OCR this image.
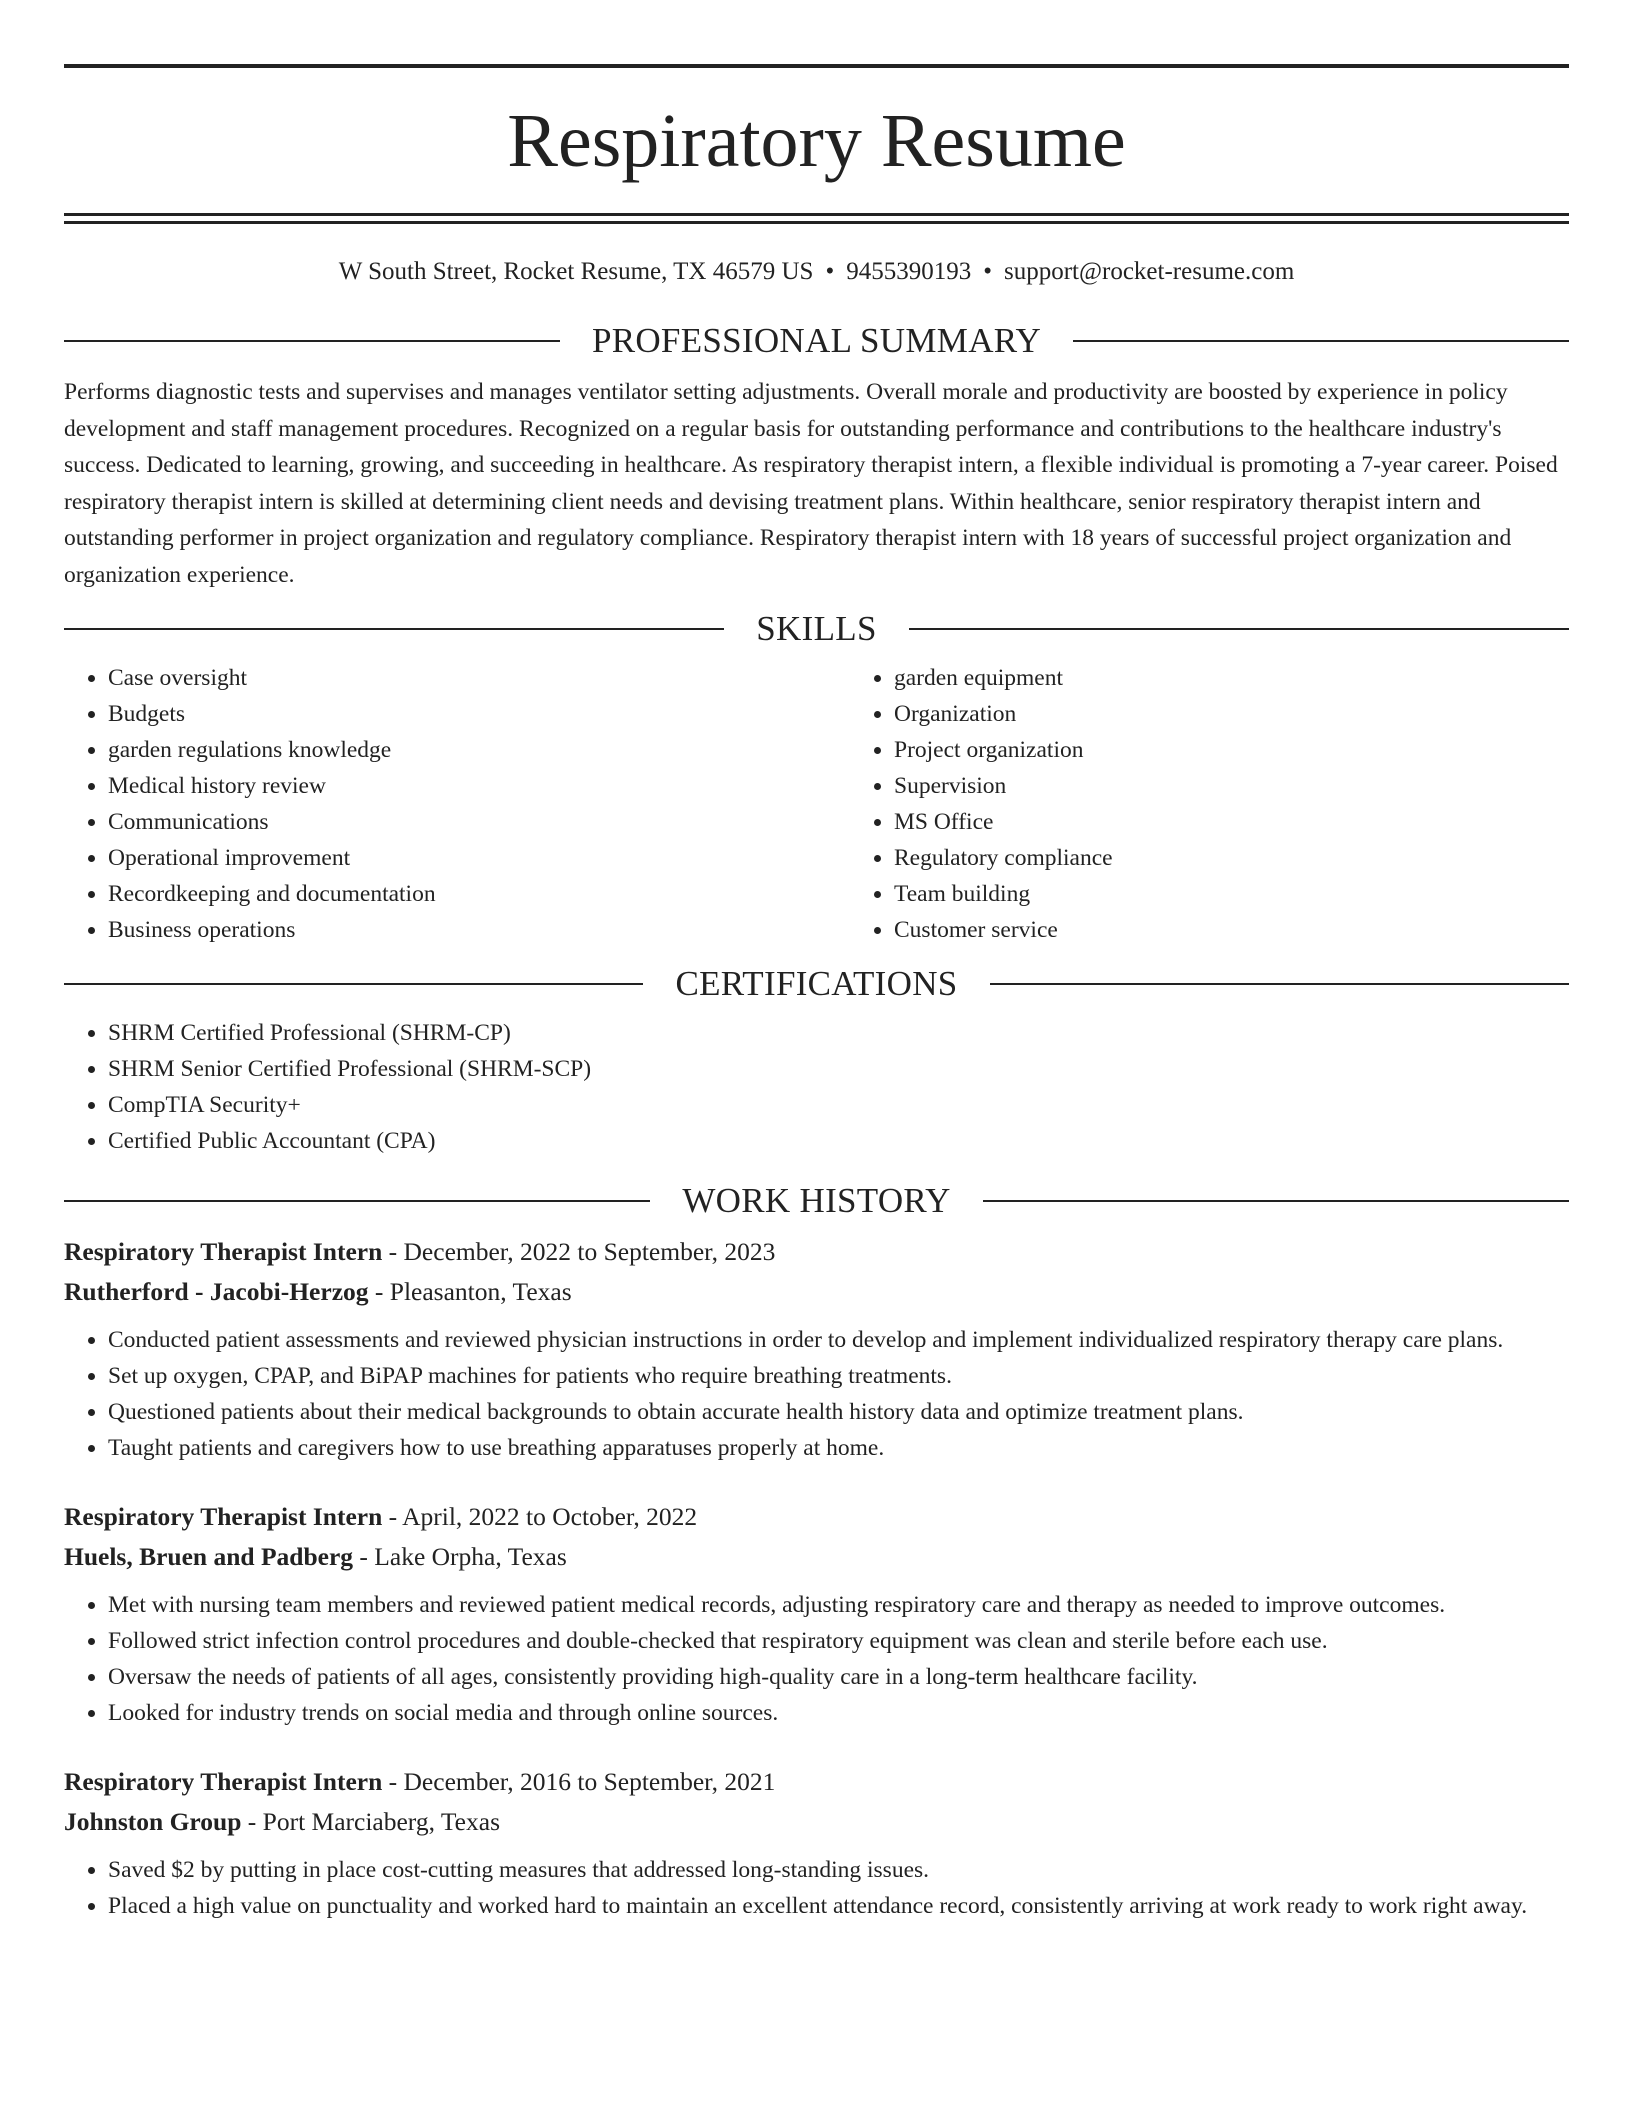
Respiratory Resume
W South Street, Rocket Resume, TX 46579 US • 9455390193 • support@rocket-resume.com
PROFESSIONAL SUMMARY

Performs diagnostic tests and supervises and manages ventilator setting adjustments. Overall morale and productivity are boosted by experience in policy development and staff management procedures. Recognized on a regular basis for outstanding performance and contributions to the healthcare industry's success. Dedicated to learning, growing, and succeeding in healthcare. As respiratory therapist intern, a flexible individual is promoting a 7-year career. Poised respiratory therapist intern is skilled at determining client needs and devising treatment plans. Within healthcare, senior respiratory therapist intern and outstanding performer in project organization and regulatory compliance. Respiratory therapist intern with 18 years of successful project organization and organization experience.

SKILLS
• Case oversight
• Budgets
• garden regulations knowledge
• Medical history review
• Communications
• Operational improvement
• Recordkeeping and documentation
• Business operations
• garden equipment
• Organization
• Project organization
• Supervision
• MS Office
• Regulatory compliance
• Team building
• Customer service
CERTIFICATIONS
• SHRM Certified Professional (SHRM-CP)
• SHRM Senior Certified Professional (SHRM-SCP)
• CompTIA Security+
• Certified Public Accountant (CPA)
WORK HISTORY
Respiratory Therapist Intern - December, 2022 to September, 2023
Rutherford - Jacobi-Herzog - Pleasanton, Texas
• Conducted patient assessments and reviewed physician instructions in order to develop and implement individualized respiratory therapy care plans.
• Set up oxygen, CPAP, and BiPAP machines for patients who require breathing treatments.
• Questioned patients about their medical backgrounds to obtain accurate health history data and optimize treatment plans.
• Taught patients and caregivers how to use breathing apparatuses properly at home.
Respiratory Therapist Intern - April, 2022 to October, 2022
Huels, Bruen and Padberg - Lake Orpha, Texas
• Met with nursing team members and reviewed patient medical records, adjusting respiratory care and therapy as needed to improve outcomes.
• Followed strict infection control procedures and double-checked that respiratory equipment was clean and sterile before each use.
• Oversaw the needs of patients of all ages, consistently providing high-quality care in a long-term healthcare facility.
• Looked for industry trends on social media and through online sources.
Respiratory Therapist Intern - December, 2016 to September, 2021
Johnston Group - Port Marciaberg, Texas
• Saved $2 by putting in place cost-cutting measures that addressed long-standing issues.
• Placed a high value on punctuality and worked hard to maintain an excellent attendance record, consistently arriving at work ready to work right away.
